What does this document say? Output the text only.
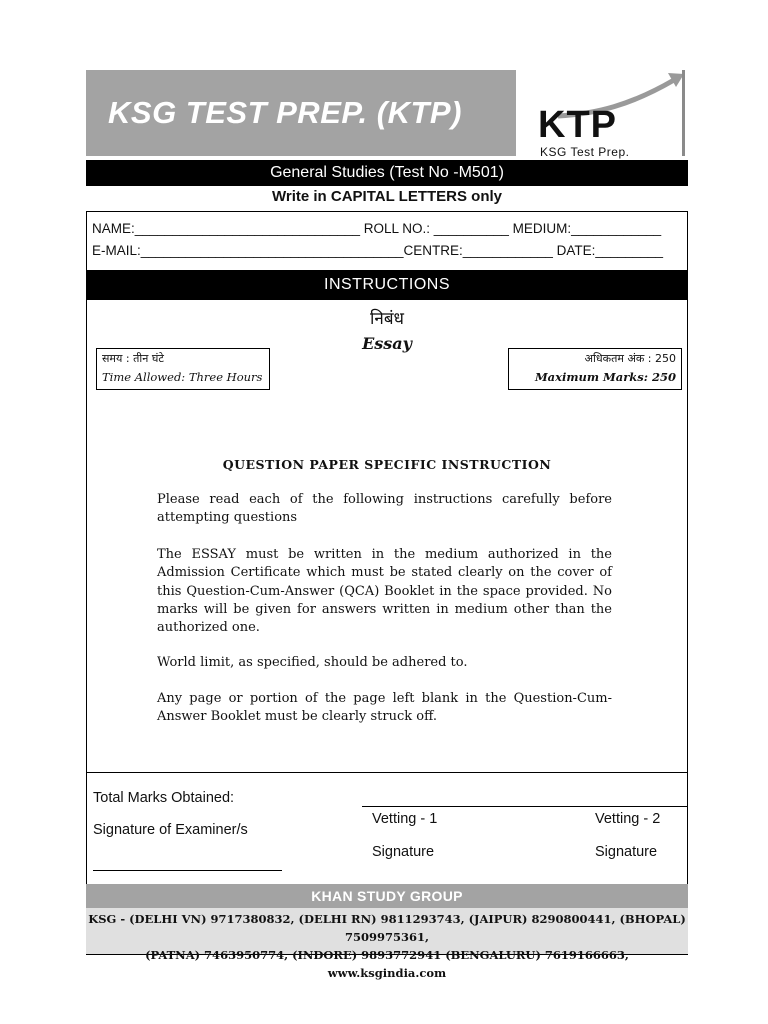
KSG TEST PREP. (KTP) KTP
KSG Test Prep.
General Studies (Test No -M501)
Write in CAPITAL LETTERS only
NAME:______________________________ ROLL NO.: __________ MEDIUM:____________
E-MAIL:___________________________________CENTRE:____________ DATE:_________
INSTRUCTIONS
निबंध
Essay
समय : तीन घंटे
Time Allowed: Three Hours
अधिकतम अंक : 250
Maximum Marks: 250
QUESTION PAPER SPECIFIC INSTRUCTION
Please read each of the following instructions carefully before attempting questions
The ESSAY must be written in the medium authorized in the Admission Certificate which must be stated clearly on the cover of this Question-Cum-Answer (QCA) Booklet in the space provided. No marks will be given for answers written in medium other than the authorized one.
World limit, as specified, should be adhered to.
Any page or portion of the page left blank in the Question-Cum-Answer Booklet must be clearly struck off.
Total Marks Obtained:
Signature of Examiner/s
Vetting - 1	Vetting - 2
Signature	Signature
KHAN STUDY GROUP
KSG - (DELHI VN) 9717380832, (DELHI RN) 9811293743, (JAIPUR) 8290800441, (BHOPAL) 7509975361,
(PATNA) 7463950774, (INDORE) 9893772941 (BENGALURU) 7619166663, www.ksgindia.com
